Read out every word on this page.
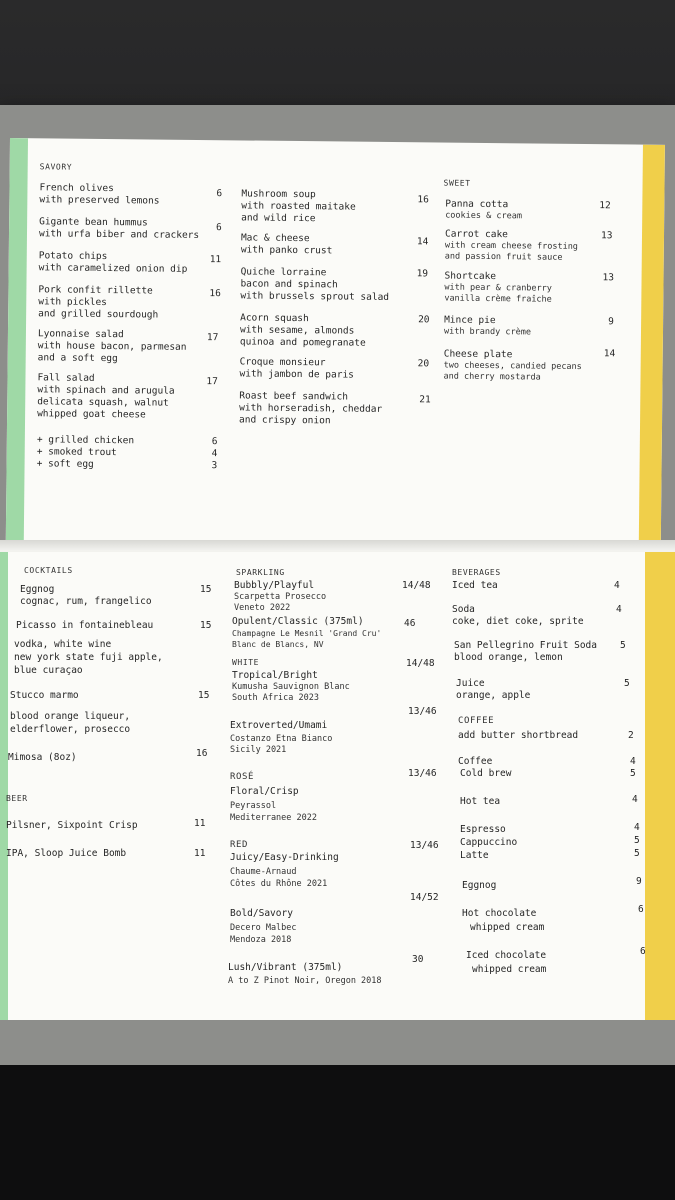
SAVORY
French olives
with preserved lemons
6
Gigante bean hummus
with urfa biber and crackers
6
Potato chips
with caramelized onion dip
11
Pork confit rillette
with pickles
and grilled sourdough
16
Lyonnaise salad
with house bacon, parmesan
and a soft egg
17
Fall salad
with spinach and arugula
delicata squash, walnut
whipped goat cheese
17
+ grilled chicken	6
+ smoked trout	4
+ soft egg	3
Mushroom soup
with roasted maitake
and wild rice
16
Mac & cheese
with panko crust
14
Quiche lorraine
bacon and spinach
with brussels sprout salad
19
Acorn squash
with sesame, almonds
quinoa and pomegranate
20
Croque monsieur
with jambon de paris
20
Roast beef sandwich
with horseradish, cheddar
and crispy onion
21
SWEET
Panna cotta
cookies & cream
12
Carrot cake
with cream cheese frosting
and passion fruit sauce
13
Shortcake
with pear & cranberry
vanilla crème fraîche
13
Mince pie
with brandy crème
9
Cheese plate
two cheeses, candied pecans
and cherry mostarda
14
COCKTAILS
Eggnog
cognac, rum, frangelico
15
Picasso in fontainebleau
vodka, white wine
new york state fuji apple,
blue curaçao
15
Stucco marmo
blood orange liqueur,
elderflower, prosecco
15
Mimosa (8oz)	16
BEER
Pilsner, Sixpoint Crisp	11
IPA, Sloop Juice Bomb	11
SPARKLING
Bubbly/Playful
Scarpetta Prosecco
Veneto 2022
14/48
Opulent/Classic (375ml)
Champagne Le Mesnil 'Grand Cru'
Blanc de Blancs, NV
46
WHITE
Tropical/Bright
Kumusha Sauvignon Blanc
South Africa 2023
14/48
Extroverted/Umami
Costanzo Etna Bianco
Sicily 2021
13/46
ROSÉ
Floral/Crisp
Peyrassol
Mediterranee 2022
13/46
RED
Juicy/Easy-Drinking
Chaume-Arnaud
Côtes du Rhône 2021
13/46
Bold/Savory
Decero Malbec
Mendoza 2018
14/52
Lush/Vibrant (375ml)
A to Z Pinot Noir, Oregon 2018
30
BEVERAGES
Iced tea	4
Soda
coke, diet coke, sprite
4
San Pellegrino Fruit Soda
blood orange, lemon
5
Juice
orange, apple
5
COFFEE
add butter shortbread	2
Coffee	4
Cold brew	5
Hot tea	4
Espresso	4
Cappuccino	5
Latte	5
Eggnog	9
Hot chocolate
whipped cream
6
Iced chocolate
whipped cream
6
